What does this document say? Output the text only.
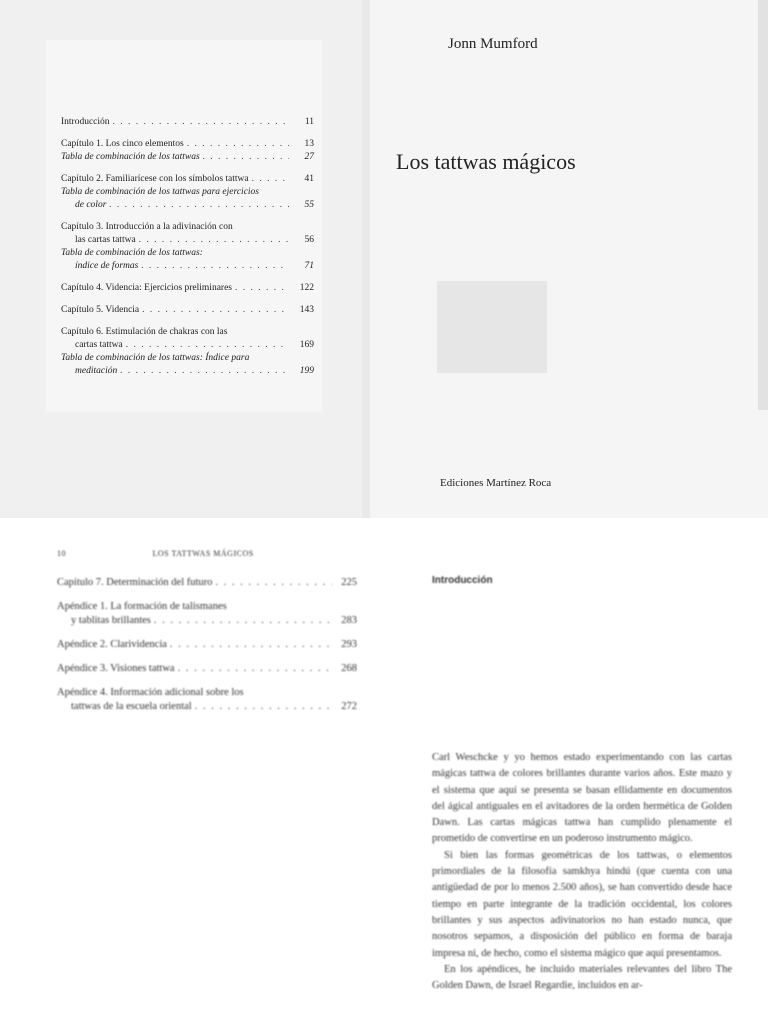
Introducción . . .	11
Capítulo 1. Los cinco elementos . . .	13
Tabla de combinación de los tattwas . . .	27
Capítulo 2. Familiarícese con los símbolos tattwa . . .	41
Tabla de combinación de los tattwas para ejercicios
de color . . .	55
Capítulo 3. Introducción a la adivinación con
las cartas tattwa . . .	56
Tabla de combinación de los tattwas:
índice de formas . . .	71
Capítulo 4. Videncia: Ejercicios preliminares . . .	122
Capítulo 5. Videncia . . .	143
Capítulo 6. Estimulación de chakras con las
cartas tattwa . . .	169
Tabla de combinación de los tattwas: Índice para
meditación . . .	199
Jonn Mumford
Los tattwas mágicos
Ediciones Martínez Roca
10	LOS TATTWAS MÁGICOS
Capítulo 7. Determinación del futuro . . .	225
Apéndice 1. La formación de talismanes
y tablitas brillantes . . .	283
Apéndice 2. Clarividencia . . .	293
Apéndice 3. Visiones tattwa . . .	268
Apéndice 4. Información adicional sobre los
tattwas de la escuela oriental . . .	272
Introducción

Carl Weschcke y yo hemos estado experimentando con las cartas mágicas tattwa de colores brillantes durante varios años. Este mazo y el sistema que aquí se presenta se basan ellidamente en documentos del ágical antiguales en el avitadores de la orden hermética de Golden Dawn. Las cartas mágicas tattwa han cumplido plenamente el prometido de convertirse en un poderoso instrumento mágico.

Si bien las formas geométricas de los tattwas, o elementos primordiales de la filosofía samkhya hindú (que cuenta con una antigüedad de por lo menos 2.500 años), se han convertido desde hace tiempo en parte integrante de la tradición occidental, los colores brillantes y sus aspectos adivinatorios no han estado nunca, que nosotros sepamos, a disposición del público en forma de baraja impresa ni, de hecho, como el sistema mágico que aquí presentamos.

En los apéndices, he incluido materiales relevantes del libro The Golden Dawn, de Israel Regardie, incluidos en ar-
